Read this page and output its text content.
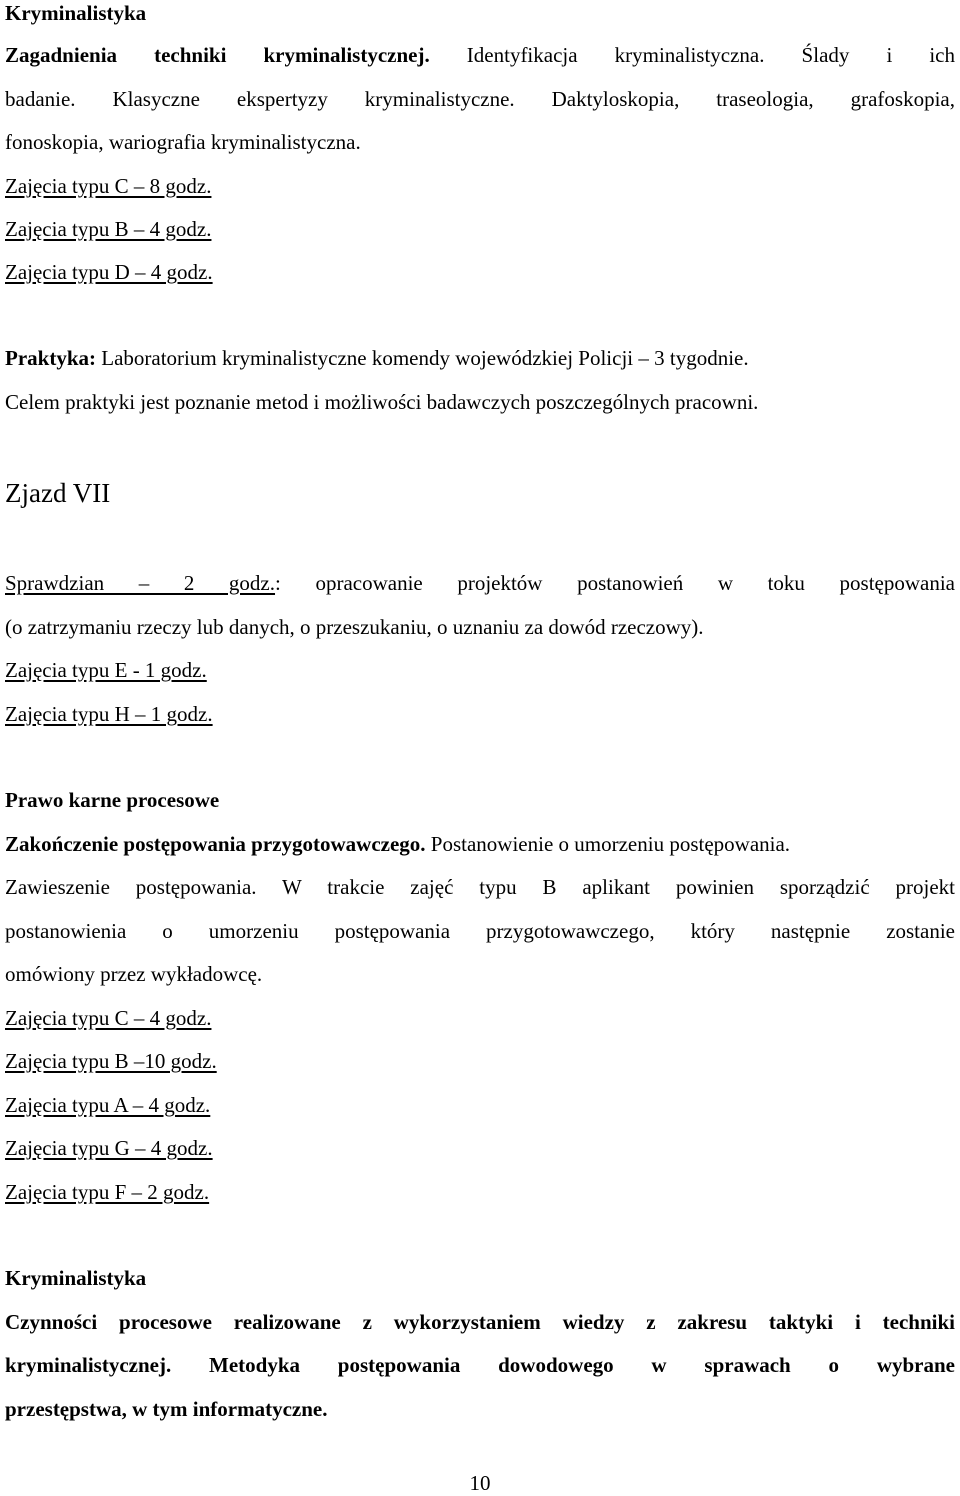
Kryminalistyka
Zagadnienia techniki kryminalistycznej. Identyfikacja kryminalistyczna. Ślady i ich
badanie. Klasyczne ekspertyzy kryminalistyczne. Daktyloskopia, traseologia, grafoskopia,
fonoskopia, wariografia kryminalistyczna.
Zajęcia typu C – 8 godz.
Zajęcia typu B – 4 godz.
Zajęcia typu D – 4 godz.
Praktyka: Laboratorium kryminalistyczne komendy wojewódzkiej Policji – 3 tygodnie.
Celem praktyki jest poznanie metod i możliwości badawczych poszczególnych pracowni.
Zjazd VII
Sprawdzian – 2 godz.: opracowanie projektów postanowień w toku postępowania
(o zatrzymaniu rzeczy lub danych, o przeszukaniu, o uznaniu za dowód rzeczowy).
Zajęcia typu E - 1 godz.
Zajęcia typu H – 1 godz.
Prawo karne procesowe
Zakończenie postępowania przygotowawczego. Postanowienie o umorzeniu postępowania.
Zawieszenie postępowania. W trakcie zajęć typu B aplikant powinien sporządzić projekt
postanowienia o umorzeniu postępowania przygotowawczego, który następnie zostanie
omówiony przez wykładowcę.
Zajęcia typu C – 4 godz.
Zajęcia typu B –10 godz.
Zajęcia typu A – 4 godz.
Zajęcia typu G – 4 godz.
Zajęcia typu F – 2 godz.
Kryminalistyka
Czynności procesowe realizowane z wykorzystaniem wiedzy z zakresu taktyki i techniki
kryminalistycznej. Metodyka postępowania dowodowego w sprawach o wybrane
przestępstwa, w tym informatyczne.
10
